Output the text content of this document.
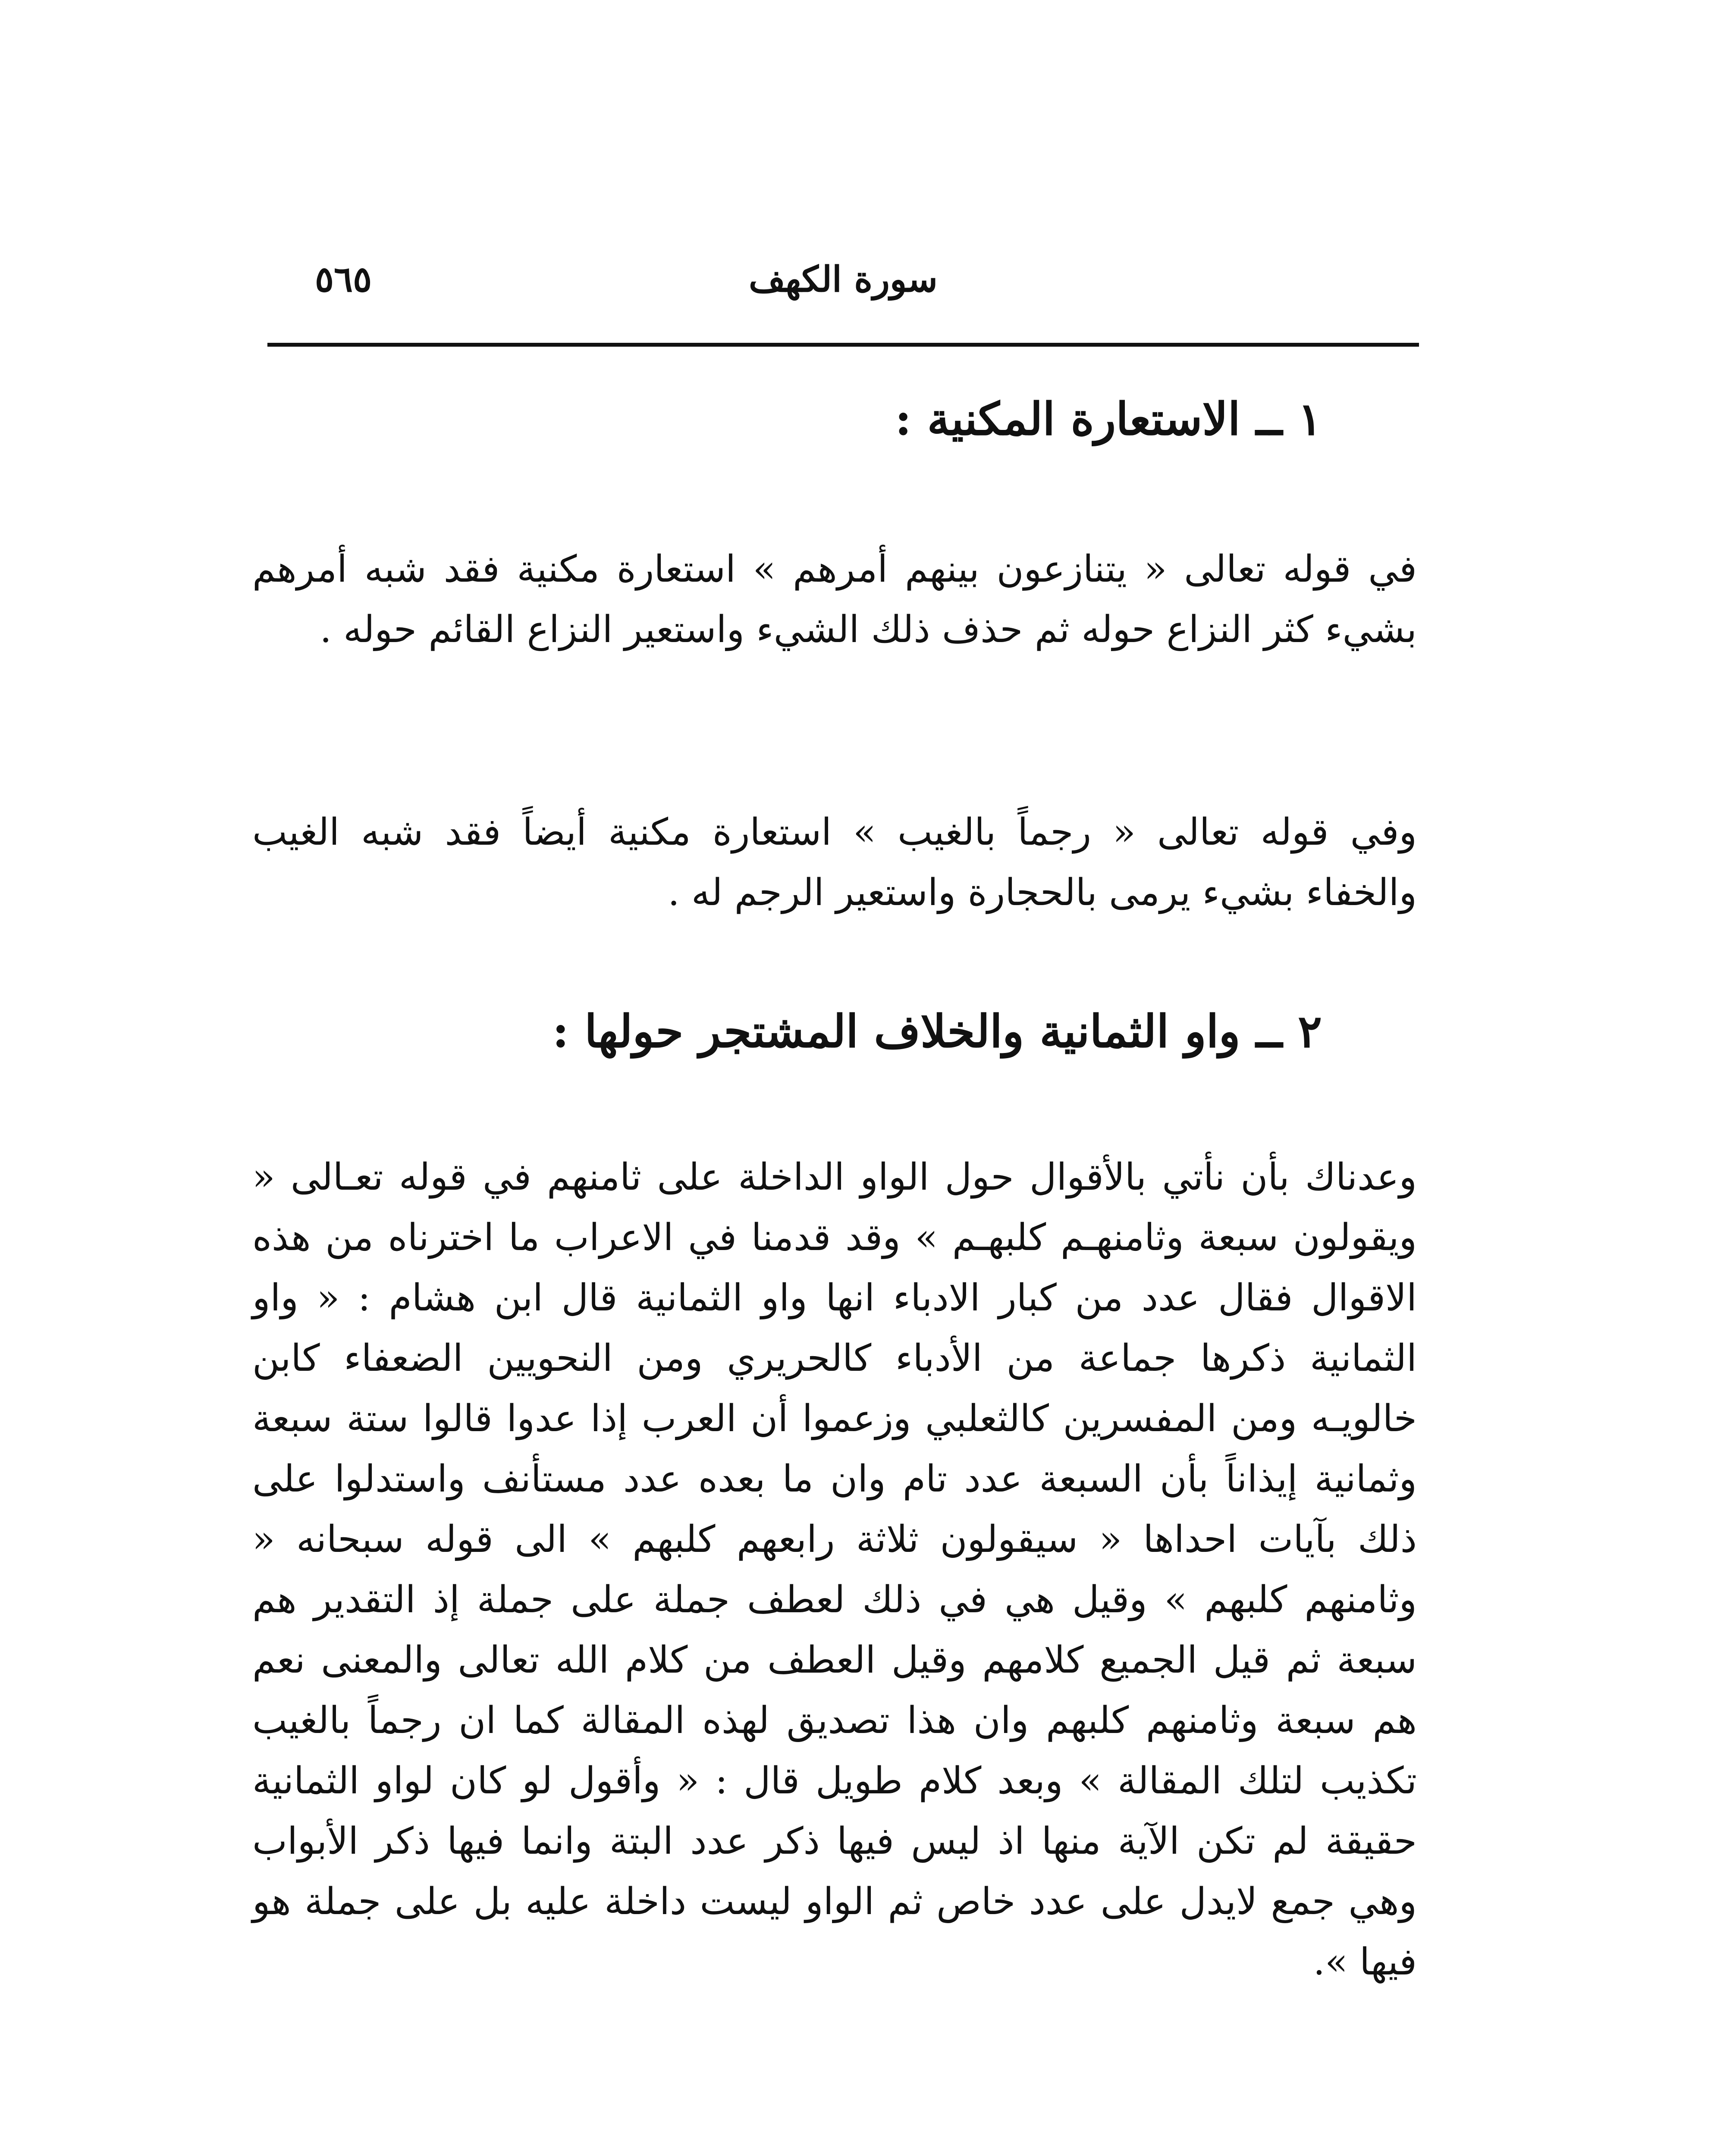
سورة الكهف
٥٦٥
١ ــ الاستعارة المكنية :

في قوله تعالى « يتنازعون بينهم أمرهم » استعارة مكنية فقد شبه أمرهم بشيء كثر النزاع حوله ثم حذف ذلك الشيء واستعير النزاع القائم حوله .

وفي قوله تعالى « رجماً بالغيب » استعارة مكنية أيضاً فقد شبه الغيب والخفاء بشيء يرمى بالحجارة واستعير الرجم له .

٢ ــ واو الثمانية والخلاف المشتجر حولها :

وعدناك بأن نأتي بالأقوال حول الواو الداخلة على ثامنهم في قوله تعـالى « ويقولون سبعة وثامنهـم كلبهـم » وقد قدمنا في الاعراب ما اخترناه من هذه الاقوال فقال عدد من كبار الادباء انها واو الثمانية قال ابن هشام : « واو الثمانية ذكرها جماعة من الأدباء كالحريري ومن النحويين الضعفاء كابن خالويـه ومن المفسرين كالثعلبي وزعموا أن العرب إذا عدوا قالوا ستة سبعة وثمانية إيذاناً بأن السبعة عدد تام وان ما بعده عدد مستأنف واستدلوا على ذلك بآيات احداها « سيقولون ثلاثة رابعهم كلبهم » الى قوله سبحانه « وثامنهم كلبهم » وقيل هي في ذلك لعطف جملة على جملة إذ التقدير هم سبعة ثم قيل الجميع كلامهم وقيل العطف من كلام الله تعالى والمعنى نعم هم سبعة وثامنهم كلبهم وان هذا تصديق لهذه المقالة كما ان رجماً بالغيب تكذيب لتلك المقالة » وبعد كلام طويل قال : « وأقول لو كان لواو الثمانية حقيقة لم تكن الآية منها اذ ليس فيها ذكر عدد البتة وانما فيها ذكر الأبواب وهي جمع لايدل على عدد خاص ثم الواو ليست داخلة عليه بل على جملة هو فيها ».
